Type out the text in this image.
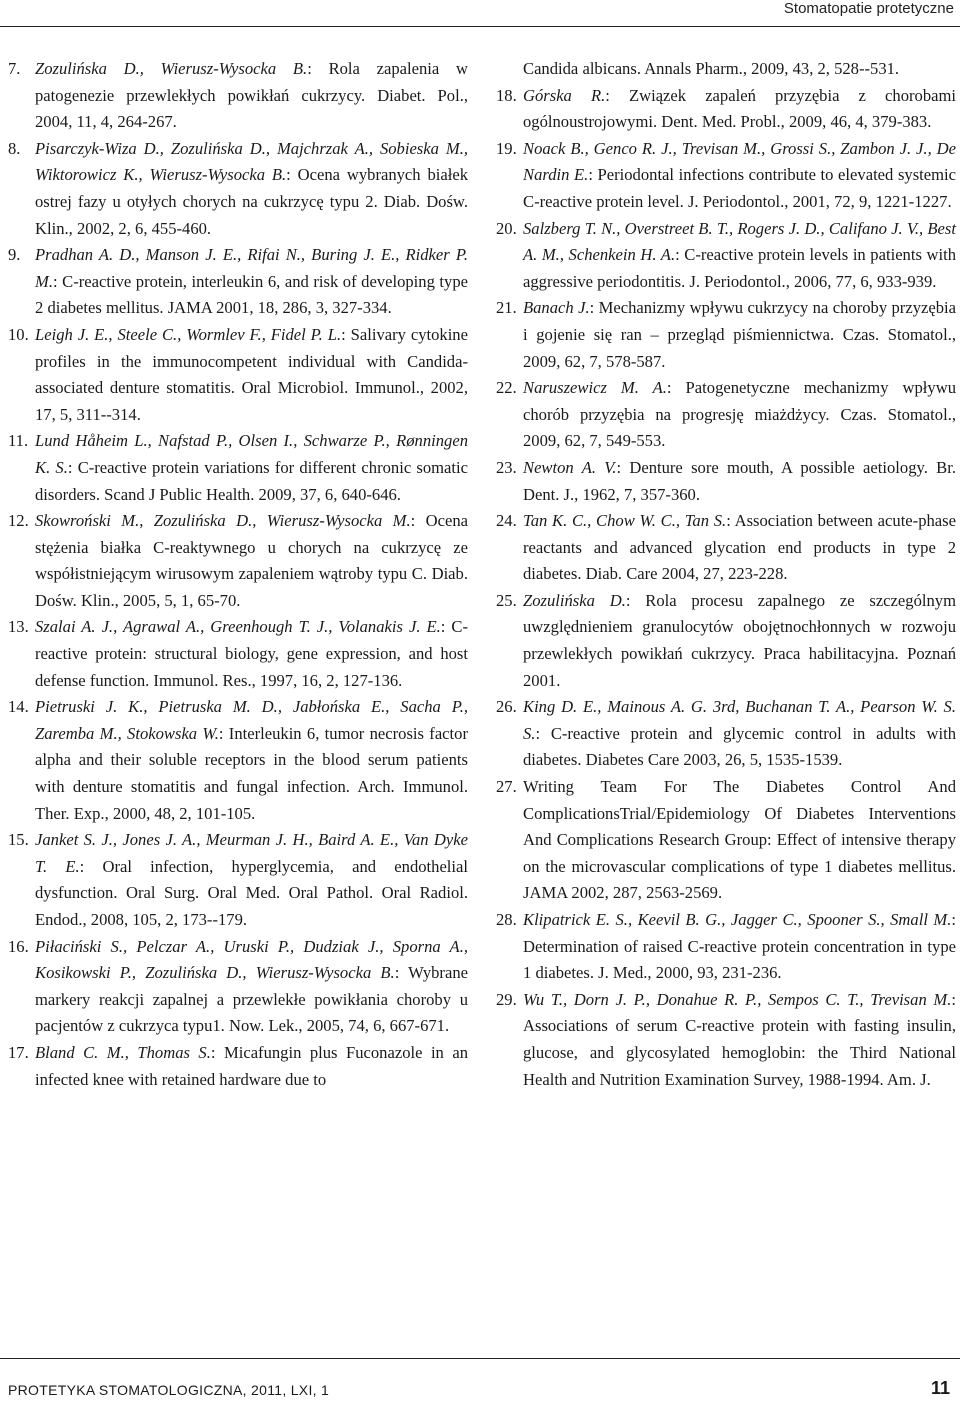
Stomatopatie protetyczne
7. Zozulińska D., Wierusz-Wysocka B.: Rola zapalenia w patogenezie przewlekłych powikłań cukrzycy. Diabet. Pol., 2004, 11, 4, 264-267.
8. Pisarczyk-Wiza D., Zozulińska D., Majchrzak A., Sobieska M., Wiktorowicz K., Wierusz-Wysocka B.: Ocena wybranych białek ostrej fazy u otyłych chorych na cukrzycę typu 2. Diab. Dośw. Klin., 2002, 2, 6, 455-460.
9. Pradhan A. D., Manson J. E., Rifai N., Buring J. E., Ridker P. M.: C-reactive protein, interleukin 6, and risk of developing type 2 diabetes mellitus. JAMA 2001, 18, 286, 3, 327-334.
10. Leigh J. E., Steele C., Wormlev F., Fidel P. L.: Salivary cytokine profiles in the immunocompetent individual with Candida-associated denture stomatitis. Oral Microbiol. Immunol., 2002, 17, 5, 311--314.
11. Lund Håheim L., Nafstad P., Olsen I., Schwarze P., Rønningen K. S.: C-reactive protein variations for different chronic somatic disorders. Scand J Public Health. 2009, 37, 6, 640-646.
12. Skowroński M., Zozulińska D., Wierusz-Wysocka M.: Ocena stężenia białka C-reaktywnego u chorych na cukrzycę ze współistniejącym wirusowym zapaleniem wątroby typu C. Diab. Dośw. Klin., 2005, 5, 1, 65-70.
13. Szalai A. J., Agrawal A., Greenhough T. J., Volanakis J. E.: C-reactive protein: structural biology, gene expression, and host defense function. Immunol. Res., 1997, 16, 2, 127-136.
14. Pietruski J. K., Pietruska M. D., Jabłońska E., Sacha P., Zaremba M., Stokowska W.: Interleukin 6, tumor necrosis factor alpha and their soluble receptors in the blood serum patients with denture stomatitis and fungal infection. Arch. Immunol. Ther. Exp., 2000, 48, 2, 101-105.
15. Janket S. J., Jones J. A., Meurman J. H., Baird A. E., Van Dyke T. E.: Oral infection, hyperglycemia, and endothelial dysfunction. Oral Surg. Oral Med. Oral Pathol. Oral Radiol. Endod., 2008, 105, 2, 173--179.
16. Piłaciński S., Pelczar A., Uruski P., Dudziak J., Sporna A., Kosikowski P., Zozulińska D., Wierusz-Wysocka B.: Wybrane markery reakcji zapalnej a przewlekłe powikłania choroby u pacjentów z cukrzyca typu1. Now. Lek., 2005, 74, 6, 667-671.
17. Bland C. M., Thomas S.: Micafungin plus Fuconazole in an infected knee with retained hardware due to
Candida albicans. Annals Pharm., 2009, 43, 2, 528--531.
18. Górska R.: Związek zapaleń przyzębia z chorobami ogólnoustrojowymi. Dent. Med. Probl., 2009, 46, 4, 379-383.
19. Noack B., Genco R. J., Trevisan M., Grossi S., Zambon J. J., De Nardin E.: Periodontal infections contribute to elevated systemic C-reactive protein level. J. Periodontol., 2001, 72, 9, 1221-1227.
20. Salzberg T. N., Overstreet B. T., Rogers J. D., Califano J. V., Best A. M., Schenkein H. A.: C-reactive protein levels in patients with aggressive periodontitis. J. Periodontol., 2006, 77, 6, 933-939.
21. Banach J.: Mechanizmy wpływu cukrzycy na choroby przyzębia i gojenie się ran – przegląd piśmiennictwa. Czas. Stomatol., 2009, 62, 7, 578-587.
22. Naruszewicz M. A.: Patogenetyczne mechanizmy wpływu chorób przyzębia na progresję miażdżycy. Czas. Stomatol., 2009, 62, 7, 549-553.
23. Newton A. V.: Denture sore mouth, A possible aetiology. Br. Dent. J., 1962, 7, 357-360.
24. Tan K. C., Chow W. C., Tan S.: Association between acute-phase reactants and advanced glycation end products in type 2 diabetes. Diab. Care 2004, 27, 223-228.
25. Zozulińska D.: Rola procesu zapalnego ze szczególnym uwzględnieniem granulocytów obojętnochłonnych w rozwoju przewlekłych powikłań cukrzycy. Praca habilitacyjna. Poznań 2001.
26. King D. E., Mainous A. G. 3rd, Buchanan T. A., Pearson W. S. S.: C-reactive protein and glycemic control in adults with diabetes. Diabetes Care 2003, 26, 5, 1535-1539.
27. Writing Team For The Diabetes Control And ComplicationsTrial/Epidemiology Of Diabetes Interventions And Complications Research Group: Effect of intensive therapy on the microvascular complications of type 1 diabetes mellitus. JAMA 2002, 287, 2563-2569.
28. Klipatrick E. S., Keevil B. G., Jagger C., Spooner S., Small M.: Determination of raised C-reactive protein concentration in type 1 diabetes. J. Med., 2000, 93, 231-236.
29. Wu T., Dorn J. P., Donahue R. P., Sempos C. T., Trevisan M.: Associations of serum C-reactive protein with fasting insulin, glucose, and glycosylated hemoglobin: the Third National Health and Nutrition Examination Survey, 1988-1994. Am. J.
PROTETYKA STOMATOLOGICZNA, 2011, LXI, 1	11
